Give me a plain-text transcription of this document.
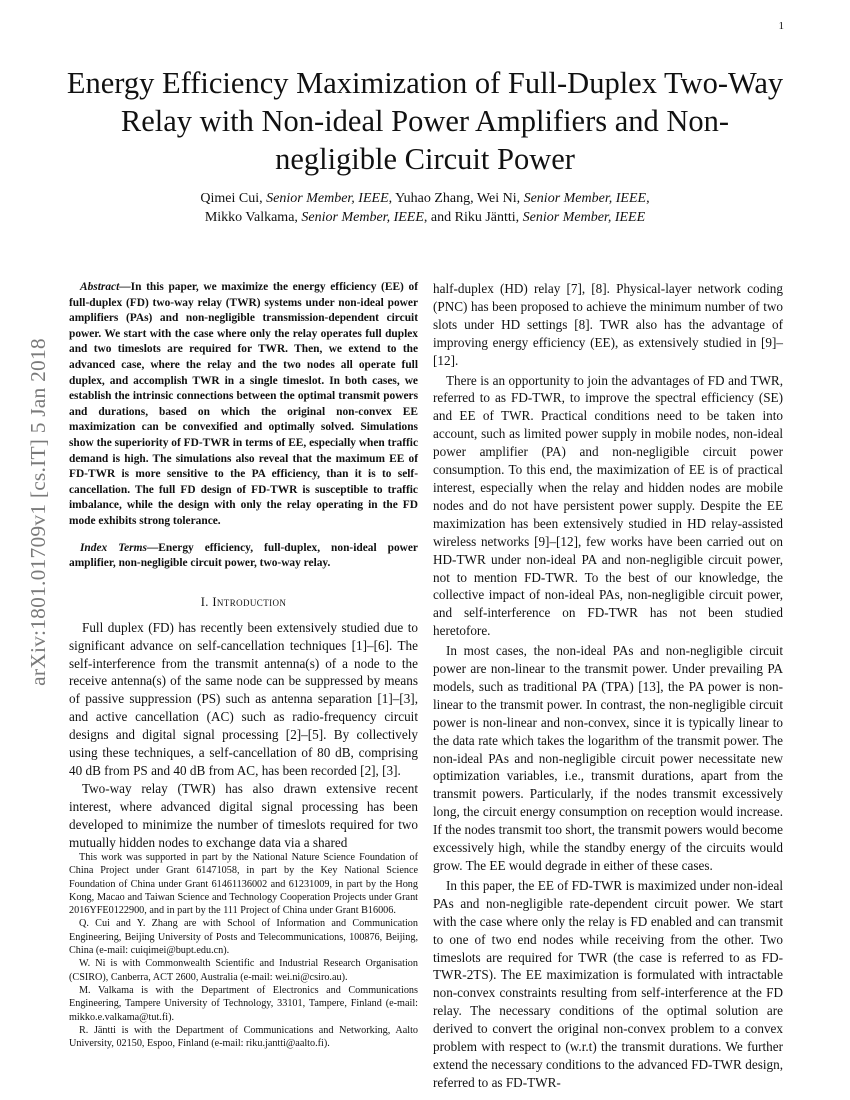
1
arXiv:1801.01709v1 [cs.IT] 5 Jan 2018
Energy Efficiency Maximization of Full-Duplex Two-Way Relay with Non-ideal Power Amplifiers and Non-negligible Circuit Power
Qimei Cui, Senior Member, IEEE, Yuhao Zhang, Wei Ni, Senior Member, IEEE,
Mikko Valkama, Senior Member, IEEE, and Riku Jäntti, Senior Member, IEEE

Abstract—In this paper, we maximize the energy efficiency (EE) of full-duplex (FD) two-way relay (TWR) systems under non-ideal power amplifiers (PAs) and non-negligible transmission-dependent circuit power. We start with the case where only the relay operates full duplex and two timeslots are required for TWR. Then, we extend to the advanced case, where the relay and the two nodes all operate full duplex, and accomplish TWR in a single timeslot. In both cases, we establish the intrinsic connections between the optimal transmit powers and durations, based on which the original non-convex EE maximization can be convexified and optimally solved. Simulations show the superiority of FD-TWR in terms of EE, especially when traffic demand is high. The simulations also reveal that the maximum EE of FD-TWR is more sensitive to the PA efficiency, than it is to self-cancellation. The full FD design of FD-TWR is susceptible to traffic imbalance, while the design with only the relay operating in the FD mode exhibits strong tolerance.

Index Terms—Energy efficiency, full-duplex, non-ideal power amplifier, non-negligible circuit power, two-way relay.

I. Introduction

Full duplex (FD) has recently been extensively studied due to significant advance on self-cancellation techniques [1]–[6]. The self-interference from the transmit antenna(s) of a node to the receive antenna(s) of the same node can be suppressed by means of passive suppression (PS) such as antenna separation [1]–[3], and active cancellation (AC) such as radio-frequency circuit designs and digital signal processing [2]–[5]. By collectively using these techniques, a self-cancellation of 80 dB, comprising 40 dB from PS and 40 dB from AC, has been recorded [2], [3].

Two-way relay (TWR) has also drawn extensive recent interest, where advanced digital signal processing has been developed to minimize the number of timeslots required for two mutually hidden nodes to exchange data via a shared

This work was supported in part by the National Nature Science Foundation of China Project under Grant 61471058, in part by the Key National Science Foundation of China under Grant 61461136002 and 61231009, in part by the Hong Kong, Macao and Taiwan Science and Technology Cooperation Projects under Grant 2016YFE0122900, and in part by the 111 Project of China under Grant B16006.

Q. Cui and Y. Zhang are with School of Information and Communication Engineering, Beijing University of Posts and Telecommunications, 100876, Beijing, China (e-mail: cuiqimei@bupt.edu.cn).

W. Ni is with Commonwealth Scientific and Industrial Research Organisation (CSIRO), Canberra, ACT 2600, Australia (e-mail: wei.ni@csiro.au).

M. Valkama is with the Department of Electronics and Communications Engineering, Tampere University of Technology, 33101, Tampere, Finland (e-mail: mikko.e.valkama@tut.fi).

R. Jäntti is with the Department of Communications and Networking, Aalto University, 02150, Espoo, Finland (e-mail: riku.jantti@aalto.fi).

half-duplex (HD) relay [7], [8]. Physical-layer network coding (PNC) has been proposed to achieve the minimum number of two slots under HD settings [8]. TWR also has the advantage of improving energy efficiency (EE), as extensively studied in [9]–[12].

There is an opportunity to join the advantages of FD and TWR, referred to as FD-TWR, to improve the spectral efficiency (SE) and EE of TWR. Practical conditions need to be taken into account, such as limited power supply in mobile nodes, non-ideal power amplifier (PA) and non-negligible circuit power consumption. To this end, the maximization of EE is of practical interest, especially when the relay and hidden nodes are mobile nodes and do not have persistent power supply. Despite the EE maximization has been extensively studied in HD relay-assisted wireless networks [9]–[12], few works have been carried out on HD-TWR under non-ideal PA and non-negligible circuit power, not to mention FD-TWR. To the best of our knowledge, the collective impact of non-ideal PAs, non-negligible circuit power, and self-interference on FD-TWR has not been studied heretofore.

In most cases, the non-ideal PAs and non-negligible circuit power are non-linear to the transmit power. Under prevailing PA models, such as traditional PA (TPA) [13], the PA power is non-linear to the transmit power. In contrast, the non-negligible circuit power is non-linear and non-convex, since it is typically linear to the data rate which takes the logarithm of the transmit power. The non-ideal PAs and non-negligible circuit power necessitate new optimization variables, i.e., transmit durations, apart from the transmit powers. Particularly, if the nodes transmit excessively long, the circuit energy consumption on reception would increase. If the nodes transmit too short, the transmit powers would become excessively high, while the standby energy of the circuits would grow. The EE would degrade in either of these cases.

In this paper, the EE of FD-TWR is maximized under non-ideal PAs and non-negligible rate-dependent circuit power. We start with the case where only the relay is FD enabled and can transmit to one of two end nodes while receiving from the other. Two timeslots are required for TWR (the case is referred to as FD-TWR-2TS). The EE maximization is formulated with intractable non-convex constraints resulting from self-interference at the FD relay. The necessary conditions of the optimal solution are derived to convert the original non-convex problem to a convex problem with respect to (w.r.t) the transmit durations. We further extend the necessary conditions to the advanced FD-TWR design, referred to as FD-TWR-
